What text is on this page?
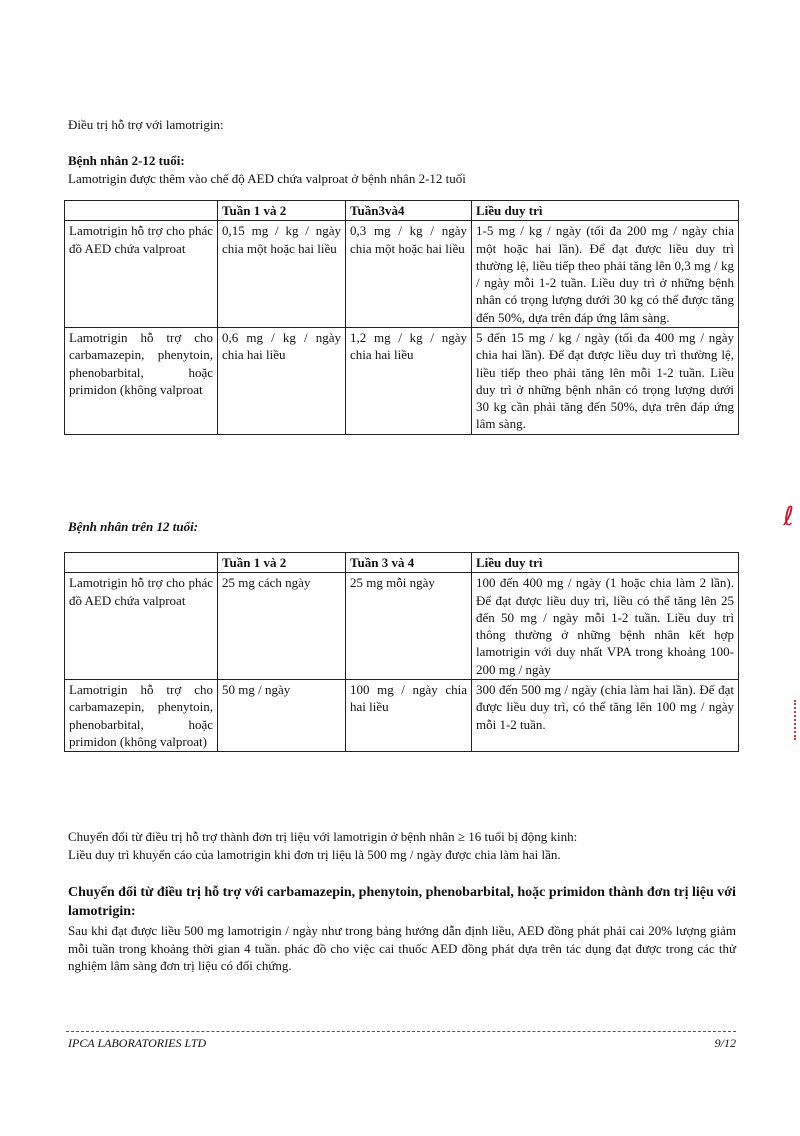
Điều trị hỗ trợ với lamotrigin:

Bệnh nhân 2-12 tuổi:

Lamotrigin được thêm vào chế độ AED chứa valproat ở bệnh nhân 2-12 tuổi

	Tuần 1 và 2	Tuần3và4	Liều duy trì
Lamotrigin hỗ trợ cho phác đồ AED chứa valproat	0,15 mg / kg / ngày chia một hoặc hai liều	0,3 mg / kg / ngày chia một hoặc hai liều	1-5 mg / kg / ngày (tối đa 200 mg / ngày chia một hoặc hai lần). Để đạt được liều duy trì thường lệ, liều tiếp theo phải tăng lên 0,3 mg / kg / ngày mỗi 1-2 tuần. Liều duy trì ở những bệnh nhân có trọng lượng dưới 30 kg có thể được tăng đến 50%, dựa trên đáp ứng lâm sàng.
Lamotrigin hỗ trợ cho carbamazepin, phenytoin, phenobarbital, hoặc primidon (không valproat	0,6 mg / kg / ngày chia hai liều	1,2 mg / kg / ngày chia hai liều	5 đến 15 mg / kg / ngày (tối đa 400 mg / ngày chia hai lần). Để đạt được liều duy trì thường lệ, liều tiếp theo phải tăng lên mỗi 1-2 tuần. Liều duy trì ở những bệnh nhân có trọng lượng dưới 30 kg cần phải tăng đến 50%, dựa trên đáp ứng lâm sàng.

Bệnh nhân trên 12 tuổi:

	Tuần 1 và 2	Tuần 3 và 4	Liều duy trì
Lamotrigin hỗ trợ cho phác đồ AED chứa valproat	25 mg cách ngày	25 mg mỗi ngày	100 đến 400 mg / ngày (1 hoặc chia làm 2 lần). Để đạt được liều duy trì, liều có thể tăng lên 25 đến 50 mg / ngày mỗi 1-2 tuần. Liều duy trì thông thường ở những bệnh nhân kết hợp lamotrigin với duy nhất VPA trong khoảng 100-200 mg / ngày
Lamotrigin hỗ trợ cho carbamazepin, phenytoin, phenobarbital, hoặc primidon (không valproat)	50 mg / ngày	100 mg / ngày chia hai liều	300 đến 500 mg / ngày (chia làm hai lần). Để đạt được liều duy trì, có thể tăng lên 100 mg / ngày mỗi 1-2 tuần.

Chuyển đổi từ điều trị hỗ trợ thành đơn trị liệu với lamotrigin ở bệnh nhân ≥ 16 tuổi bị động kinh:

Liều duy trì khuyến cáo của lamotrigin khi đơn trị liệu là 500 mg / ngày được chia làm hai lần.

Chuyển đổi từ điều trị hỗ trợ với carbamazepin, phenytoin, phenobarbital, hoặc primidon thành đơn trị liệu với lamotrigin:

Sau khi đạt được liều 500 mg lamotrigin / ngày như trong bảng hướng dẫn định liều, AED đồng phát phải cai 20% lượng giảm mỗi tuần trong khoảng thời gian 4 tuần. phác đồ cho việc cai thuốc AED đồng phát dựa trên tác dụng đạt được trong các thử nghiệm lâm sàng đơn trị liệu có đối chứng.

IPCA LABORATORIES LTD	9/12
ℓ
